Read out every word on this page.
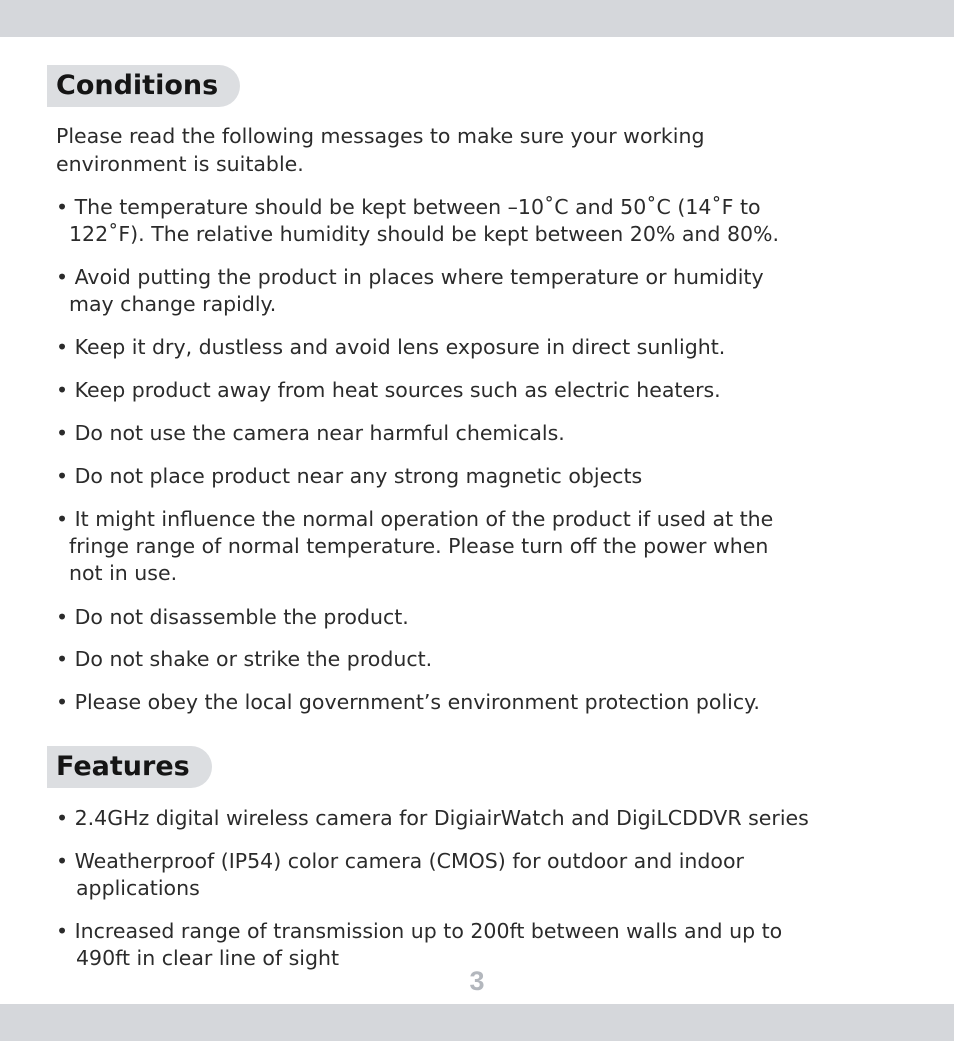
Conditions

Please read the following messages to make sure your working
environment is suitable.

• The temperature should be kept between –10˚C and 50˚C (14˚F to
122˚F). The relative humidity should be kept between 20% and 80%.

• Avoid putting the product in places where temperature or humidity
may change rapidly.

• Keep it dry, dustless and avoid lens exposure in direct sunlight.

• Keep product away from heat sources such as electric heaters.

• Do not use the camera near harmful chemicals.

• Do not place product near any strong magnetic objects

• It might influence the normal operation of the product if used at the
fringe range of normal temperature. Please turn off the power when
not in use.

• Do not disassemble the product.

• Do not shake or strike the product.

• Please obey the local government’s environment protection policy.

Features

• 2.4GHz digital wireless camera for DigiairWatch and DigiLCDDVR series

• Weatherproof (IP54) color camera (CMOS) for outdoor and indoor
applications

• Increased range of transmission up to 200ft between walls and up to
490ft in clear line of sight

3
